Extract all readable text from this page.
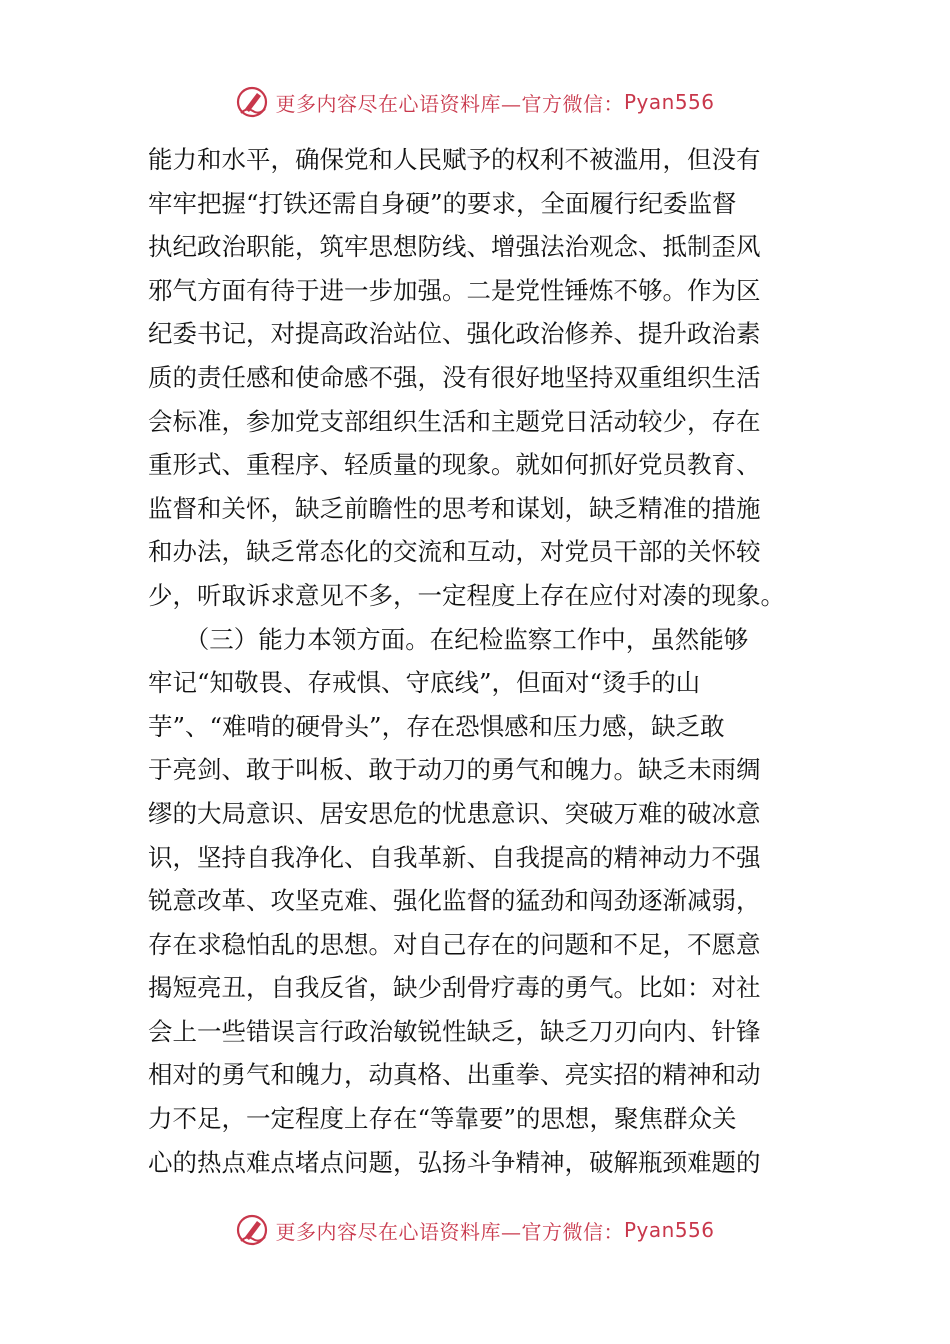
更多内容尽在心语资料库—官方微信： Pyan556
能力和水平，确保党和人民赋予的权利不被滥用，但没有
牢牢把握“打铁还需自身硬”的要求，全面履行纪委监督
执纪政治职能，筑牢思想防线、增强法治观念、抵制歪风
邪气方面有待于进一步加强。二是党性锤炼不够。作为区
纪委书记，对提高政治站位、强化政治修养、提升政治素
质的责任感和使命感不强，没有很好地坚持双重组织生活
会标准，参加党支部组织生活和主题党日活动较少，存在
重形式、重程序、轻质量的现象。就如何抓好党员教育、
监督和关怀，缺乏前瞻性的思考和谋划，缺乏精准的措施
和办法，缺乏常态化的交流和互动，对党员干部的关怀较
少，听取诉求意见不多，一定程度上存在应付对凑的现象。
　　（三）能力本领方面。在纪检监察工作中，虽然能够
牢记“知敬畏、存戒惧、守底线”，但面对“烫手的山
芋”、“难啃的硬骨头”，存在恐惧感和压力感，缺乏敢
于亮剑、敢于叫板、敢于动刀的勇气和魄力。缺乏未雨绸
缪的大局意识、居安思危的忧患意识、突破万难的破冰意
识，坚持自我净化、自我革新、自我提高的精神动力不强
锐意改革、攻坚克难、强化监督的猛劲和闯劲逐渐减弱，
存在求稳怕乱的思想。对自己存在的问题和不足，不愿意
揭短亮丑，自我反省，缺少刮骨疗毒的勇气。比如：对社
会上一些错误言行政治敏锐性缺乏，缺乏刀刃向内、针锋
相对的勇气和魄力，动真格、出重拳、亮实招的精神和动
力不足，一定程度上存在“等靠要”的思想，聚焦群众关
心的热点难点堵点问题，弘扬斗争精神，破解瓶颈难题的
更多内容尽在心语资料库—官方微信： Pyan556
